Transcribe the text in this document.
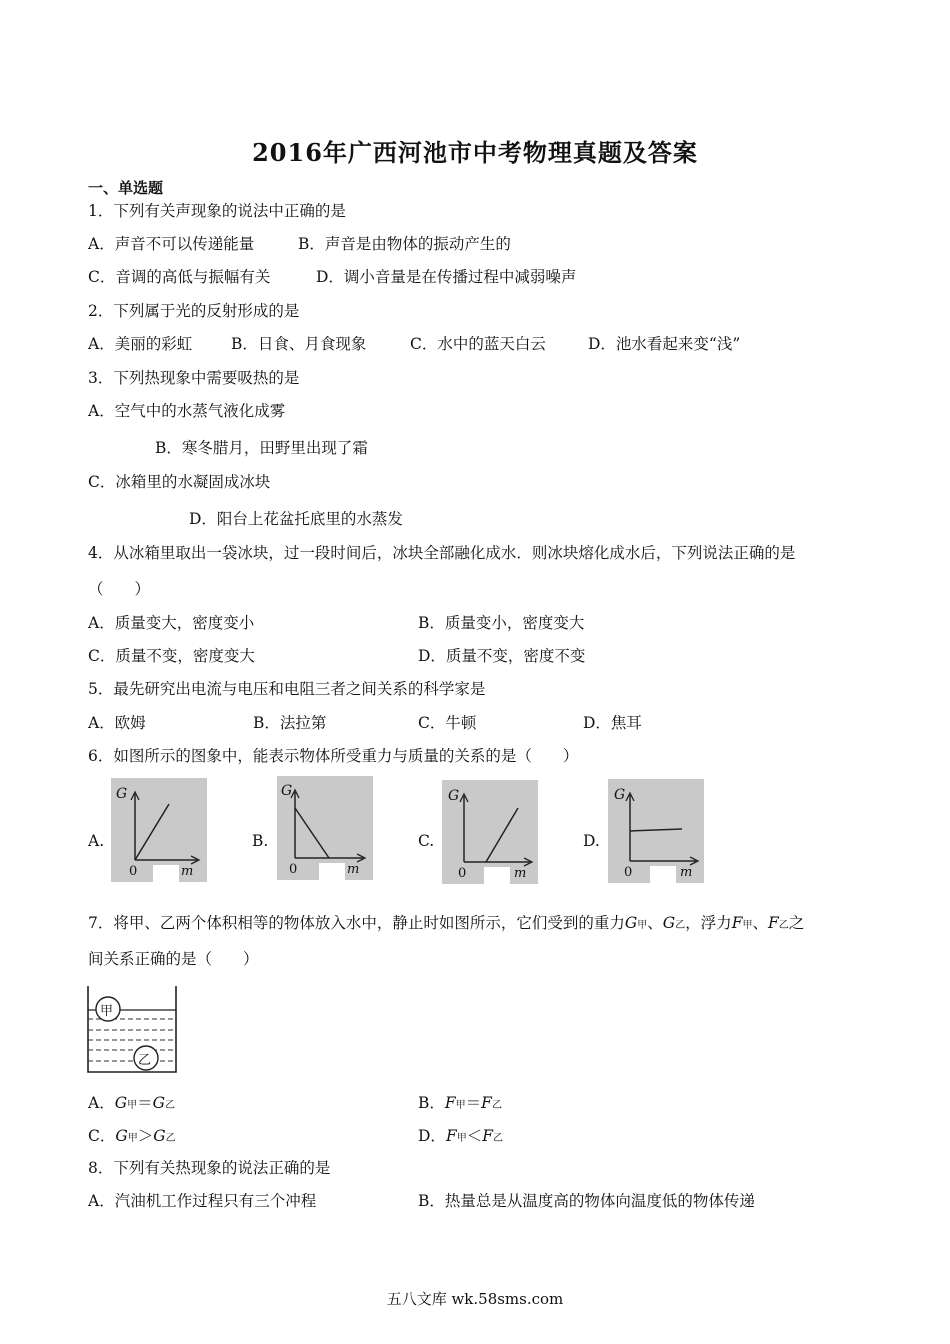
2016年广西河池市中考物理真题及答案
一、单选题
1．下列有关声现象的说法中正确的是
A．声音不可以传递能量	B．声音是由物体的振动产生的
C．音调的高低与振幅有关	D．调小音量是在传播过程中减弱噪声
2．下列属于光的反射形成的是
A．美丽的彩虹	B．日食、月食现象	C．水中的蓝天白云	D．池水看起来变“浅”
3．下列热现象中需要吸热的是
A．空气中的水蒸气液化成雾
B．寒冬腊月，田野里出现了霜
C．冰箱里的水凝固成冰块
D．阳台上花盆托底里的水蒸发
4．从冰箱里取出一袋冰块，过一段时间后，冰块全部融化成水．则冰块熔化成水后，下列说法正确的是
（　　）
A．质量变大，密度变小	B．质量变小，密度变大
C．质量不变，密度变大	D．质量不变，密度不变
5．最先研究出电流与电压和电阻三者之间关系的科学家是
A．欧姆	B．法拉第	C．牛顿	D．焦耳
6．如图所示的图象中，能表示物体所受重力与质量的关系的是（　　）
A.
G
0	m
B.
G
0	m
C.
G
0	m
D.
G
0	m
7．将甲、乙两个体积相等的物体放入水中，静止时如图所示，它们受到的重力G甲、G乙，浮力F甲、F乙之
间关系正确的是（　　）
甲
乙
A．G甲＝G乙	B．F甲＝F乙
C．G甲＞G乙	D．F甲＜F乙
8．下列有关热现象的说法正确的是
A．汽油机工作过程只有三个冲程	B．热量总是从温度高的物体向温度低的物体传递
五八文库 wk.58sms.com
